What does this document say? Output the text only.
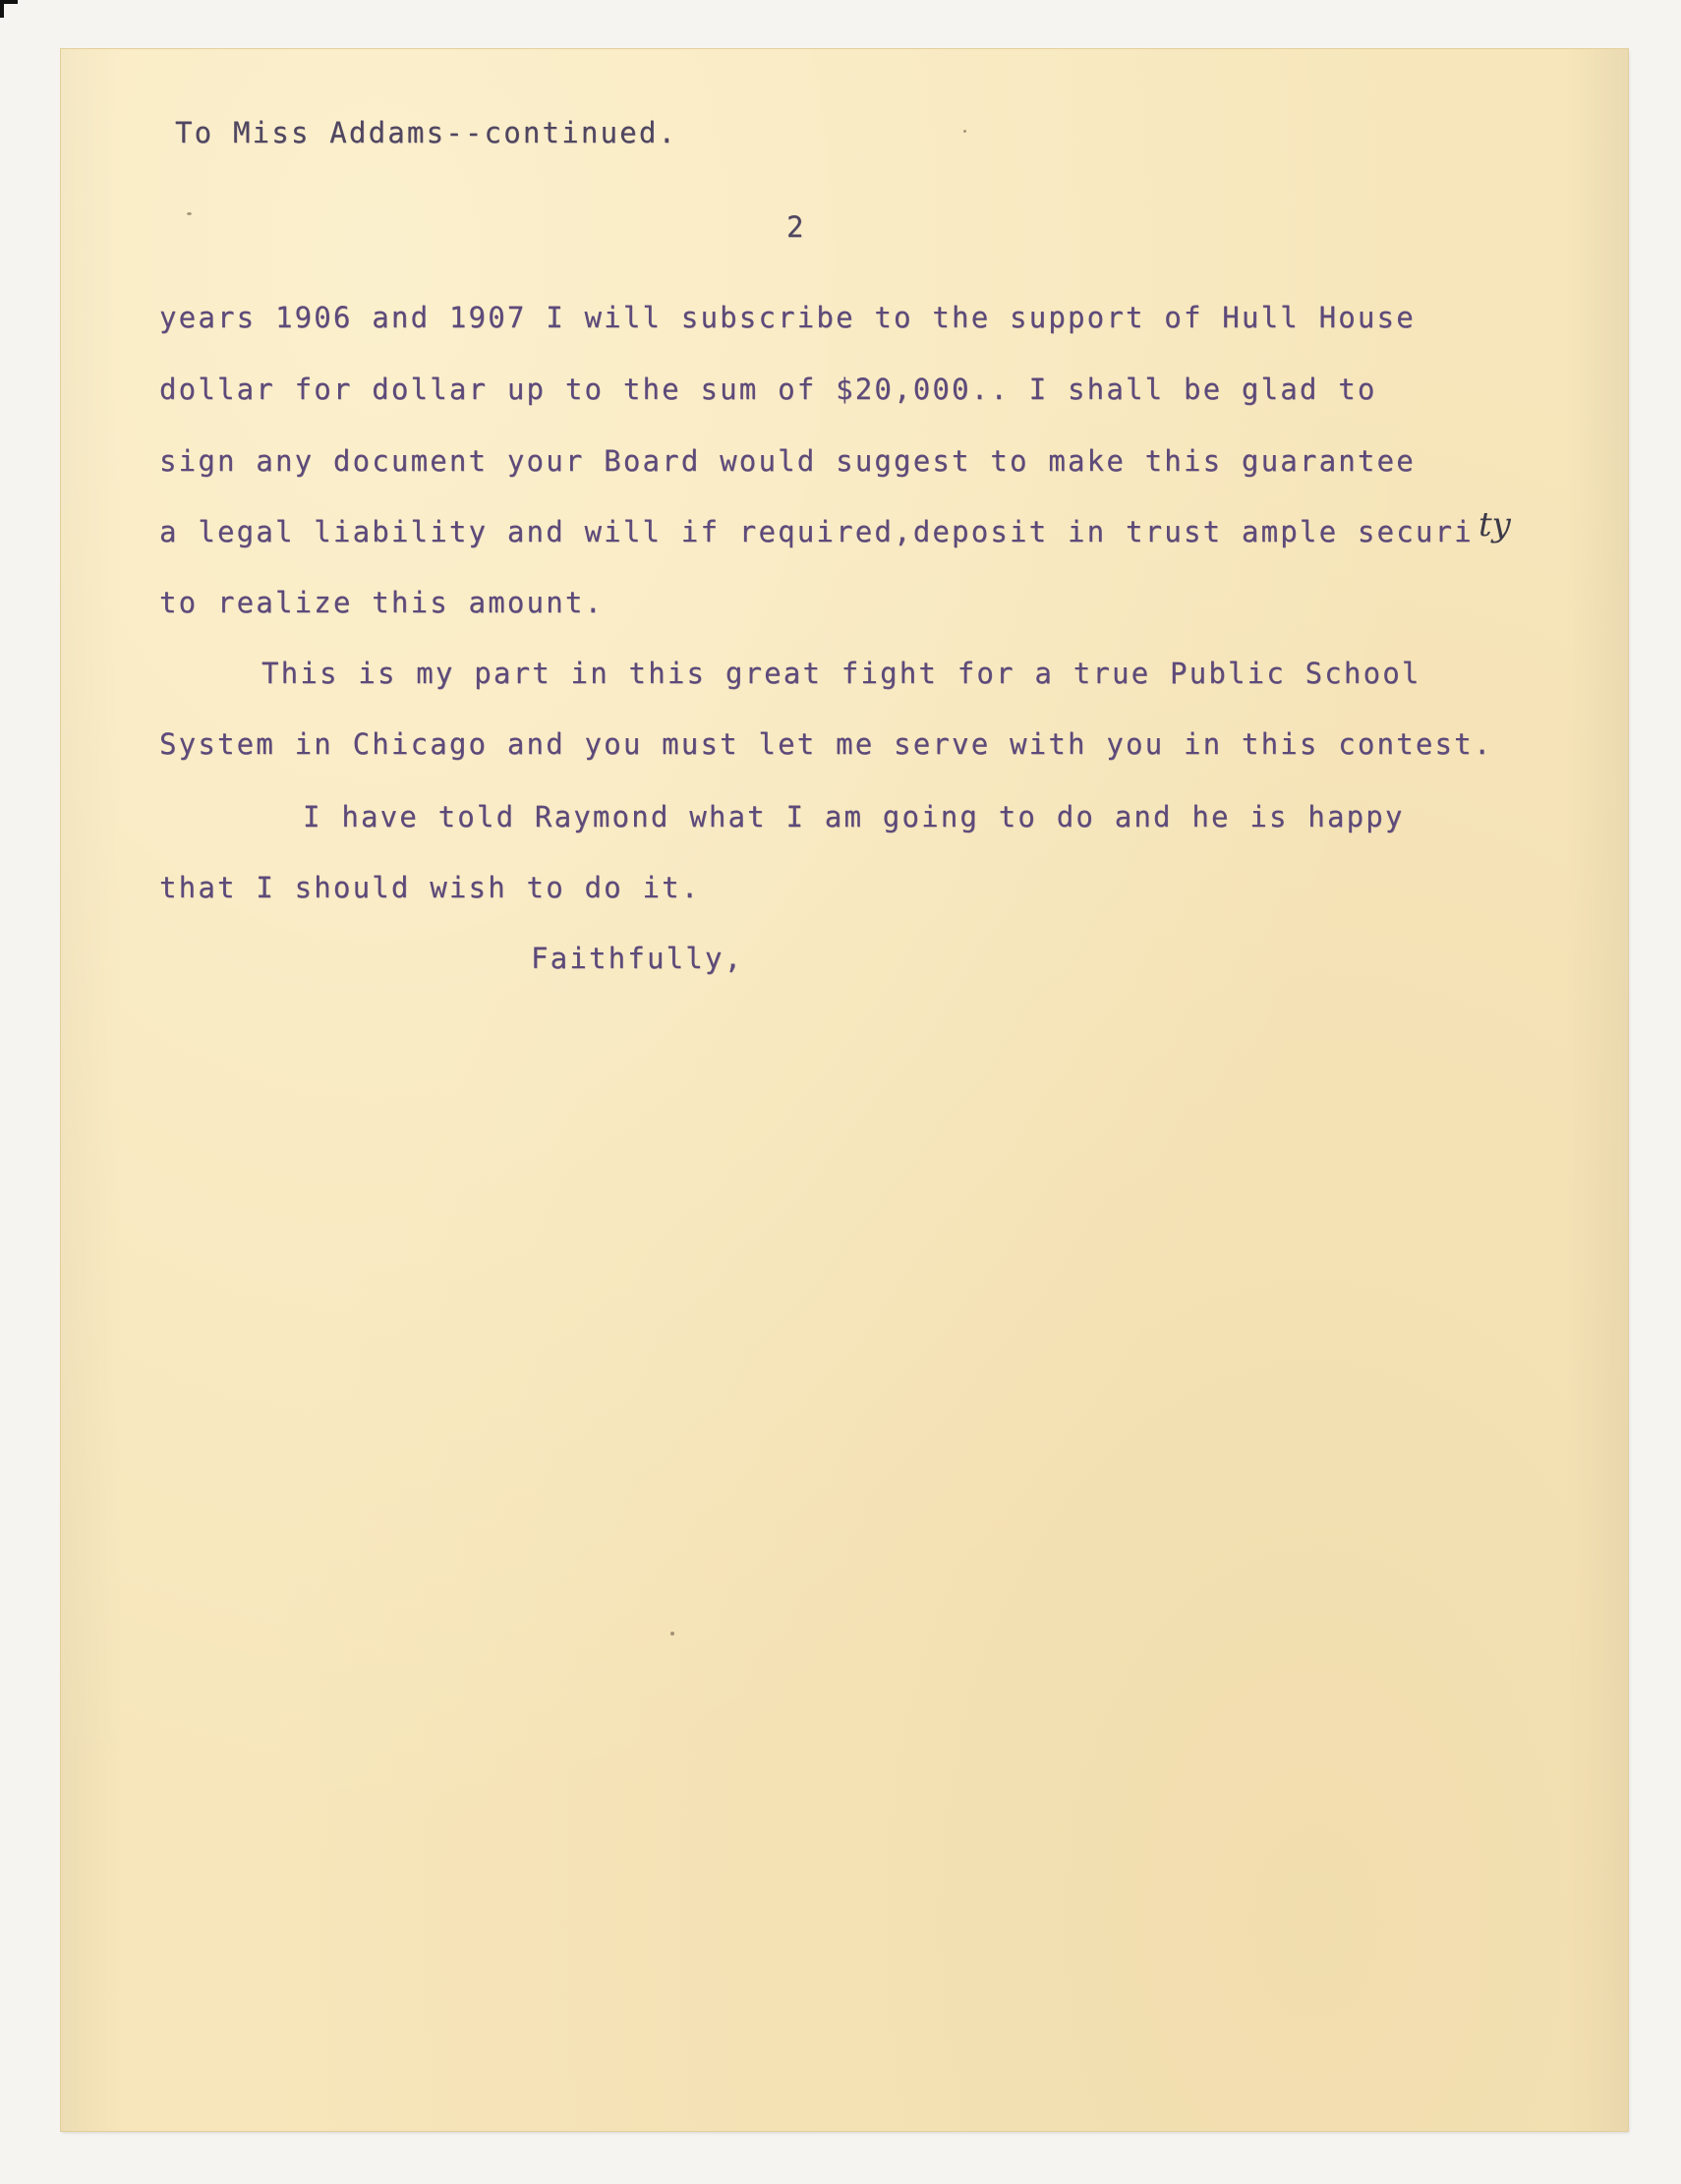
To Miss Addams--continued.
2
years 1906 and 1907 I will subscribe to the support of Hull House
dollar for dollar up to the sum of $20,000.. I shall be glad to
sign any document your Board would suggest to make this guarantee
a legal liability and will if required,deposit in trust ample securi ty
to realize this amount.
This is my part in this great fight for a true Public School
System in Chicago and you must let me serve with you in this contest.
I have told Raymond what I am going to do and he is happy
that I should wish to do it.
Faithfully,
